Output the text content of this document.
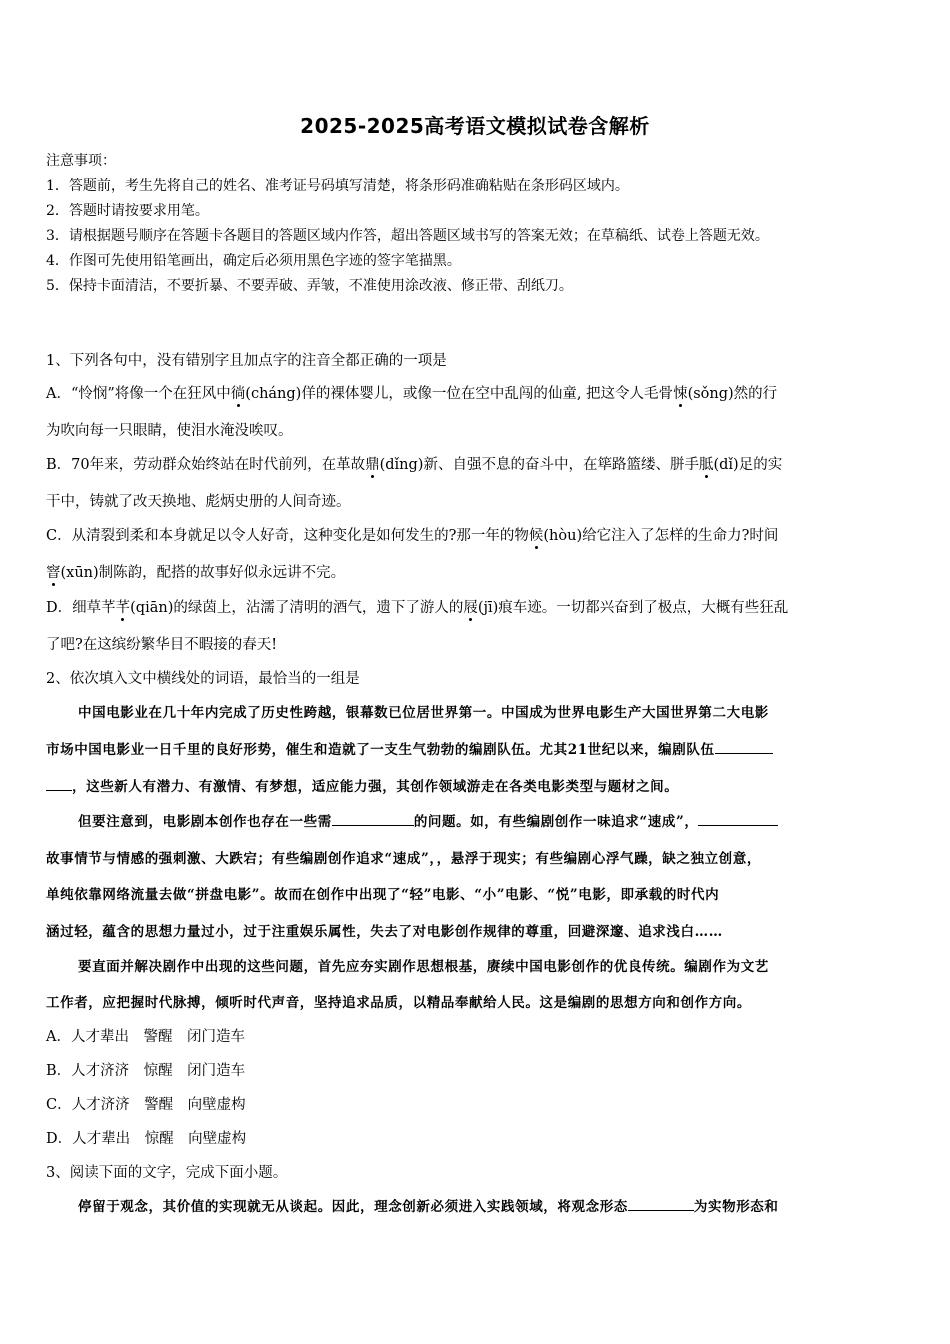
2025-2025高考语文模拟试卷含解析
注意事项：
1．答题前，考生先将自己的姓名、准考证号码填写清楚，将条形码准确粘贴在条形码区域内。
2．答题时请按要求用笔。
3．请根据题号顺序在答题卡各题目的答题区域内作答，超出答题区域书写的答案无效；在草稿纸、试卷上答题无效。
4．作图可先使用铅笔画出，确定后必须用黑色字迹的签字笔描黑。
5．保持卡面清洁，不要折暴、不要弄破、弄皱，不准使用涂改液、修正带、刮纸刀。
1、下列各句中，没有错别字且加点字的注音全都正确的一项是
A．“怜悯”将像一个在狂风中徜(cháng)佯的裸体婴儿，或像一位在空中乱闯的仙童, 把这令人毛骨悚(sǒng)然的行
为吹向每一只眼睛，使泪水淹没唉叹。
B．70年来，劳动群众始终站在时代前列，在革故鼎(dǐng)新、自强不息的奋斗中，在筚路篮缕、胼手胝(dǐ)足的实
干中，铸就了改天换地、彪炳史册的人间奇迹。
C．从清裂到柔和本身就足以令人好奇，这种变化是如何发生的?那一年的物候(hòu)给它注入了怎样的生命力?时间
窨(xūn)制陈韵，配搭的故事好似永远讲不完。
D．细草芊芊(qiān)的绿茵上，沾濡了清明的酒气，遗下了游人的屐(jī)痕车迹。一切都兴奋到了极点，大概有些狂乱
了吧?在这缤纷繁华目不暇接的春天!
2、依次填入文中横线处的词语，最恰当的一组是
中国电影业在几十年内完成了历史性跨越，银幕数已位居世界第一。中国成为世界电影生产大国世界第二大电影
市场中国电影业一日千里的良好形势，催生和造就了一支生气勃勃的编剧队伍。尤其21世纪以来，编剧队伍
，这些新人有潜力、有激情、有梦想，适应能力强，其创作领域游走在各类电影类型与题材之间。
但要注意到，电影剧本创作也存在一些需	的问题。如，有些编剧创作一味追求“速成”，
故事情节与情感的强刺激、大跌宕；有些编剧创作追求“速成”，，悬浮于现实；有些编剧心浮气躁，缺之独立创意，
单纯依靠网络流量去做“拼盘电影”。故而在创作中出现了“轻”电影、“小”电影、“悦”电影，即承载的时代内
涵过轻，蕴含的思想力量过小，过于注重娱乐属性，失去了对电影创作规律的尊重，回避深邃、追求浅白……
要直面并解决剧作中出现的这些问题，首先应夯实剧作思想根基，赓续中国电影创作的优良传统。编剧作为文艺
工作者，应把握时代脉搏，倾听时代声音，坚持追求品质，以精品奉献给人民。这是编剧的思想方向和创作方向。
A．人才辈出　警醒　闭门造车
B．人才济济　惊醒　闭门造车
C．人才济济　警醒　向壁虚构
D．人才辈出　惊醒　向壁虚构
3、阅读下面的文字，完成下面小题。
停留于观念，其价值的实现就无从谈起。因此，理念创新必须进入实践领域，将观念形态	为实物形态和
